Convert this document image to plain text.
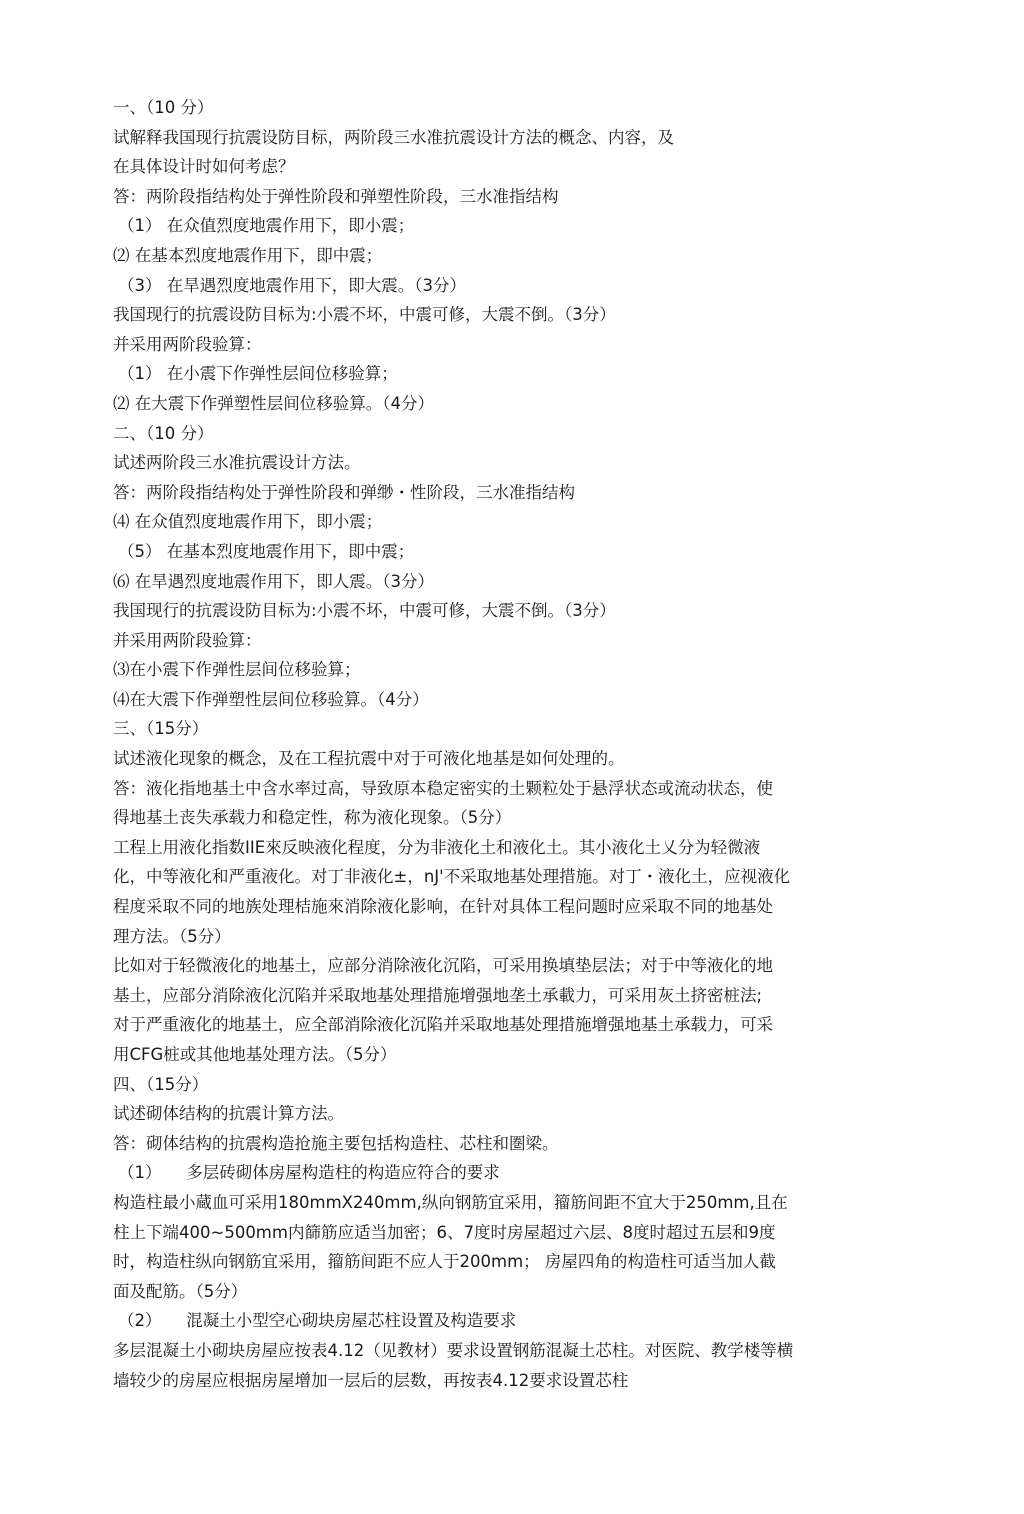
一、（10 分）
试解释我国现行抗震设防目标，两阶段三水准抗震设计方法的概念、内容，及
在具体设计时如何考虑？
答：两阶段指结构处于弹性阶段和弹塑性阶段，三水准指结构
（1） 在众值烈度地震作用下，即小震；
⑵ 在基本烈度地震作用下，即中震；
（3） 在旱遇烈度地震作用下，即大震。（3分）
我国现行的抗震设防目标为:小震不坏，中震可修，大震不倒。（3分）
并采用两阶段验算：
（1） 在小震下作弹性层间位移验算；
⑵ 在大震下作弹塑性层间位移验算。（4分）
二、（10 分）
试述两阶段三水准抗震设计方法。
答：两阶段指结构处于弹性阶段和弹缈・性阶段，三水准指结构
⑷ 在众值烈度地震作用下，即小震；
（5） 在基本烈度地震作用下，即中震；
⑹ 在旱遇烈度地震作用下，即人震。（3分）
我国现行的抗震设防目标为:小震不坏，中震可修，大震不倒。（3分）
并采用两阶段验算：
⑶在小震下作弹性层间位移验算；
⑷在大震下作弹塑性层间位移验算。（4分）
三、（15分）
试述液化现象的概念，及在工程抗震中对于可液化地基是如何处理的。
答：液化指地基土中含水率过高，导致原本稳定密实的土颗粒处于悬浮状态或流动状态，使
得地基土丧失承载力和稳定性，称为液化现象。（5分）
工程上用液化指数IIE來反映液化程度，分为非液化土和液化土。其小液化土乂分为轻微液
化，中等液化和严重液化。对丁非液化±，nJ'不采取地基处理措施。对丁・液化土，应视液化
程度采取不同的地族处理桔施來消除液化影响，在针对具体工程问题时应采取不同的地基处
理方法。（5分）
比如对于轻微液化的地基土，应部分消除液化沉陷，可采用换填垫层法；对于中等液化的地
基土，应部分消除液化沉陷并采取地基处理措施增强地垄土承載力，可采用灰土挤密桩法;
对于严重液化的地基土，应全部消除液化沉陷并采取地基处理措施增强地基土承载力，可采
用CFG桩或其他地基处理方法。（5分）
四、（15分）
试述砌体结构的抗震计算方法。
答：砌体结构的抗震构造抢施主要包括构造柱、芯柱和圏梁。
（1）　　多层砖砌体房屋构造柱的构造应符合的要求
构造柱最小蔵血可采用180mmX240mm,纵向钢筋宜采用，籀筋间距不宜大于250mm,且在
柱上下端400~500mm内篩筋应适当加密；6、7度时房屋超过六层、8度时超过五层和9度
时，构造柱纵向钢筋宜采用，籀筋间距不应人于200mm； 房屋四角的构造柱可适当加人截
面及配筋。（5分）
（2）　　混凝土小型空心砌块房屋芯柱设置及构造要求
多层混凝土小砌块房屋应按表4.12（见教材）要求设置钢筋混凝土芯柱。对医院、教学楼等横
墙较少的房屋应根据房屋增加一层后的层数，再按表4.12要求设置芯柱
